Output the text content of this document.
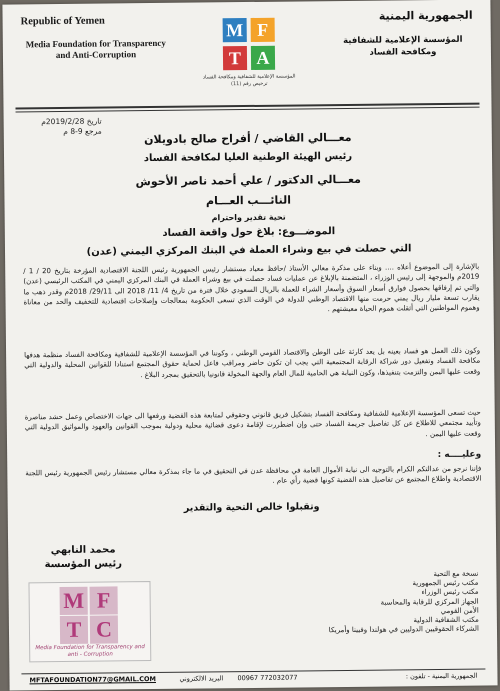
Republic of Yemen
Media Foundation for Transparency and Anti-Corruption
M F
T A
المؤسسة الإعلامية للشفافية ومكافحة الفساد
ترخيص رقم (11)
الجمهورية اليمنية
المؤسسة الإعلامية للشفافية ومكافحة الفساد
تاريخ 2019/2/28م
مرجع 9-8 م	معـــالي القاضي / أفراح صالح بادويلان
رئيس الهيئة الوطنية العليا لمكافحة الفساد
معـــالي الدكتور / علي أحمد ناصر الأحوش
النائـــب العـــام
تحية تقدير واحترام
الموضـــوع: بلاغ حول واقعة الفساد
التي حصلت في بيع وشراء العملة في البنك المركزي اليمني (عدن)
بالإشارة إلى الموضوع أعلاه .... وبناء على مذكرة معالي الأستاذ /حافظ معياد مستشار رئيس الجمهورية رئيس اللجنة الاقتصادية المؤرخة بتاريخ 20 / 1 / 2019م والموجهة إلى رئيس الوزراء ، المتضمنة بالإبلاغ عن عمليات فساد حصلت في بيع وشراء العملة في البنك المركزي اليمني في المكتب الرئيسي (عدن) والتي تم إرفاقها بحصول فوارق أسعار السوق وأسعار الشراء للعملة بالريال السعودي خلال فترة من تاريخ 4/ 11/ 2018 الى 29/11/ 2018م وقدر ذهب ما يقارب تسعة مليار ريال يمني حرمت منها الاقتصاد الوطني للدولة في الوقت الذي تسعى الحكومة بمعالجات وإصلاحات اقتصادية للتخفيف والحد من معاناة وهموم المواطنين التي أثقلت هموم الحياة معيشتهم .
وكون ذلك العمل هو فساد بعينه بل يعد كارثة على الوطن والاقتصاد القومي الوطني ، وكوننا في المؤسسة الإعلامية للشفافية ومكافحة الفساد منظمة هدفها مكافحة الفساد وتفعيل دور شراكة الرقابة المجتمعية التي يجب ان تكون حاضر ومراقب فاعل لحماية حقوق المجتمع استنادا للقوانين المحلية والدولية التي وقعت عليها اليمن والتزمت بتنفيذها، وكون النيابة هي الحامية للمال العام والجهة المخولة قانونيا بالتحقيق بمجرد البلاغ .
حيث تسعى المؤسسة الإعلامية للشفافية ومكافحة الفساد بتشكيل فريق قانوني وحقوقي لمتابعة هذه القضية ورفعها الى جهات الاختصاص وعمل حشد مناصرة وتأييد مجتمعي للاطلاع عن كل تفاصيل جريمة الفساد حتى وإن اضطررت لإقامة دعوى قضائية محلية ودولية بموجب القوانين والعهود والمواثيق الدولية التي وقعت عليها اليمن .
وعليــــه :
فإننا نرجو من عدالتكم الكرام بالتوجيه الى نيابة الأموال العامة في محافظة عدن في التحقيق في ما جاء بمذكرة معالي مستشار رئيس الجمهورية رئيس اللجنة الاقتصادية واطلاع المجتمع عن تفاصيل هذه القضية كونها قضية رأي عام .
وتقبلوا خالص التحية والتقدير
محمد النابهي
رئيس المؤسسة
M F
T C
Media Foundation for Transparency and anti - Corruption
نسخة مع التحية
مكتب رئيس الجمهورية
مكتب رئيس الوزراء
الجهاز المركزي للرقابة والمحاسبة
الأمن القومي
مكتب الشفافية الدولية
الشركاء الحقوقيين الدوليين في هولندا وفيينا وأمريكا
الجمهورية اليمنية - تلفون :
00967 772032077
البريد الالكتروني
MFTAFOUNDATION77@GMAIL.COM
